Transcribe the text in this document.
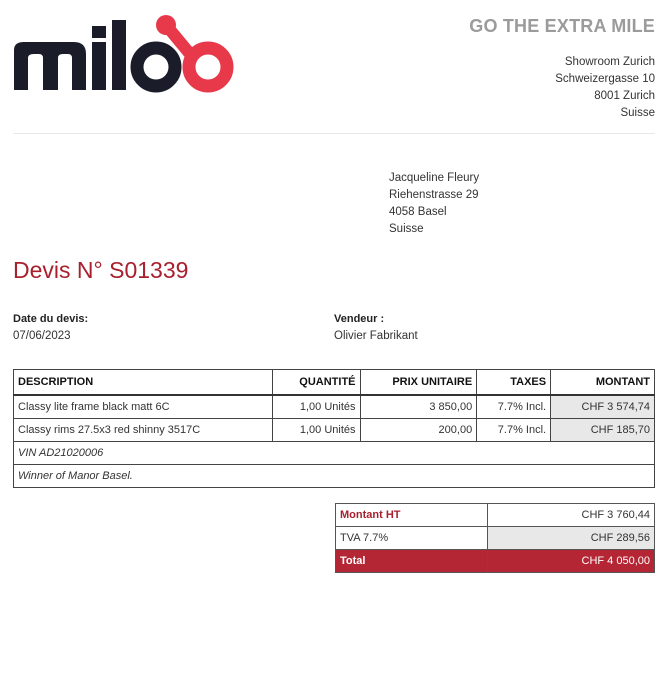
GO THE EXTRA MILE
Showroom Zurich
Schweizergasse 10
8001 Zurich
Suisse
Jacqueline Fleury
Riehenstrasse 29
4058 Basel
Suisse
Devis N° S01339
Date du devis:
07/06/2023
Vendeur :
Olivier Fabrikant
DESCRIPTION	QUANTITÉ	PRIX UNITAIRE	TAXES	MONTANT
Classy lite frame black matt 6C	1,00 Unités	3 850,00	7.7% Incl.	CHF 3 574,74
Classy rims 27.5x3 red shinny 3517C	1,00 Unités	200,00	7.7% Incl.	CHF 185,70
VIN AD21020006				
Winner of Manor Basel.				
Montant HT	CHF 3 760,44
TVA 7.7%	CHF 289,56
Total	CHF 4 050,00
